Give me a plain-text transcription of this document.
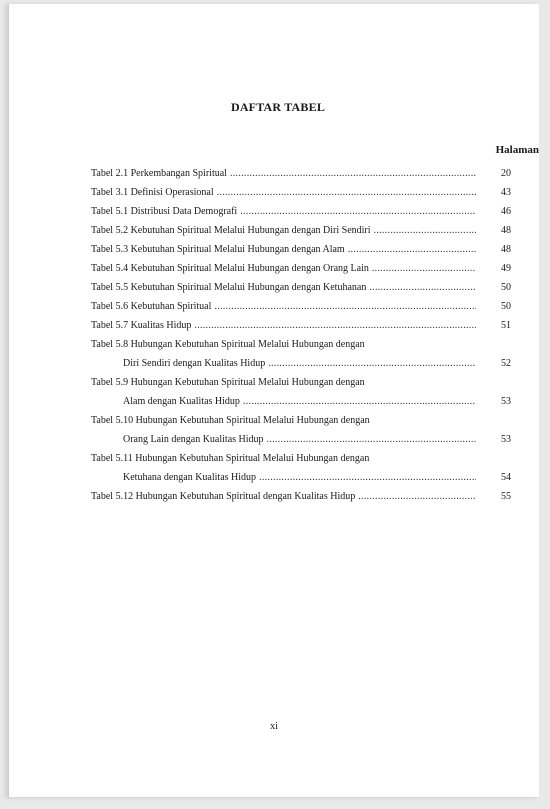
DAFTAR TABEL
Halaman
Tabel 2.1 Perkembangan Spiritual .....	20
Tabel 3.1 Definisi Operasional .....	43
Tabel 5.1 Distribusi Data Demografi .....	46
Tabel 5.2 Kebutuhan Spiritual Melalui Hubungan dengan Diri Sendiri .....	48
Tabel 5.3 Kebutuhan Spiritual Melalui Hubungan dengan Alam .....	48
Tabel 5.4 Kebutuhan Spiritual Melalui Hubungan dengan Orang Lain .....	49
Tabel 5.5 Kebutuhan Spiritual Melalui Hubungan dengan Ketuhanan .....	50
Tabel 5.6 Kebutuhan Spiritual .....	50
Tabel 5.7 Kualitas Hidup .....	51
Tabel 5.8 Hubungan Kebutuhan Spiritual Melalui Hubungan dengan
Diri Sendiri dengan Kualitas Hidup .....	52
Tabel 5.9 Hubungan Kebutuhan Spiritual Melalui Hubungan dengan
Alam dengan Kualitas Hidup .....	53
Tabel 5.10 Hubungan Kebutuhan Spiritual Melalui Hubungan dengan
Orang Lain dengan Kualitas Hidup .....	53
Tabel 5.11 Hubungan Kebutuhan Spiritual Melalui Hubungan dengan
Ketuhana dengan Kualitas Hidup .....	54
Tabel 5.12 Hubungan Kebutuhan Spiritual dengan Kualitas Hidup .....	55
xi
